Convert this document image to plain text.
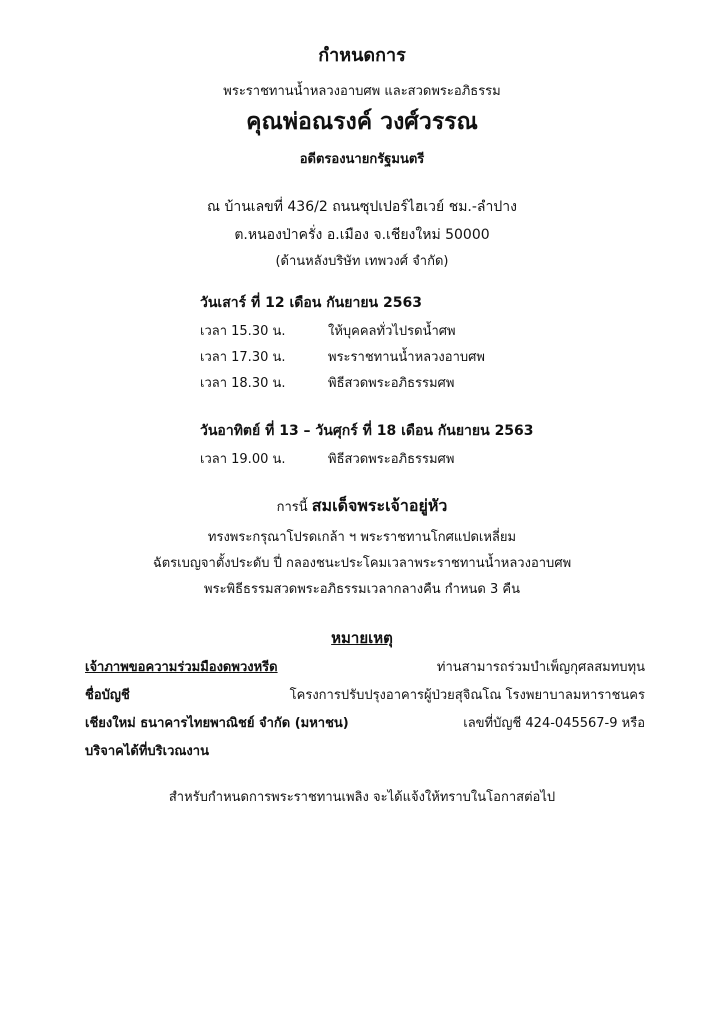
กำหนดการ
พระราชทานน้ำหลวงอาบศพ และสวดพระอภิธรรม
คุณพ่อณรงค์ วงศ์วรรณ
อดีตรองนายกรัฐมนตรี
ณ บ้านเลขที่ 436/2 ถนนซุปเปอร์ไฮเวย์ ชม.-ลำปาง
ต.หนองป่าครั่ง อ.เมือง จ.เชียงใหม่ 50000
(ด้านหลังบริษัท เทพวงศ์ จำกัด)
วันเสาร์ ที่ 12 เดือน กันยายน 2563
เวลา 15.30 น.	ให้บุคคลทั่วไปรดน้ำศพ
เวลา 17.30 น.	พระราชทานน้ำหลวงอาบศพ
เวลา 18.30 น.	พิธีสวดพระอภิธรรมศพ
วันอาทิตย์ ที่ 13 – วันศุกร์ ที่ 18 เดือน กันยายน 2563
เวลา 19.00 น.	พิธีสวดพระอภิธรรมศพ
การนี้ สมเด็จพระเจ้าอยู่หัว
ทรงพระกรุณาโปรดเกล้า ฯ พระราชทานโกศแปดเหลี่ยม
ฉัตรเบญจาตั้งประดับ ปี่ กลองชนะประโคมเวลาพระราชทานน้ำหลวงอาบศพ
พระพิธีธรรมสวดพระอภิธรรมเวลากลางคืน กำหนด 3 คืน
หมายเหตุ
เจ้าภาพขอความร่วมมืองดพวงหรีด	ท่านสามารถร่วมบำเพ็ญกุศลสมทบทุน
ชื่อบัญชี	โครงการปรับปรุงอาคารผู้ป่วยสุจิณโณ โรงพยาบาลมหาราชนคร
เชียงใหม่ ธนาคารไทยพาณิชย์ จำกัด (มหาชน)	เลขที่บัญชี 424-045567-9 หรือ
บริจาคได้ที่บริเวณงาน
สำหรับกำหนดการพระราชทานเพลิง จะได้แจ้งให้ทราบในโอกาสต่อไป
